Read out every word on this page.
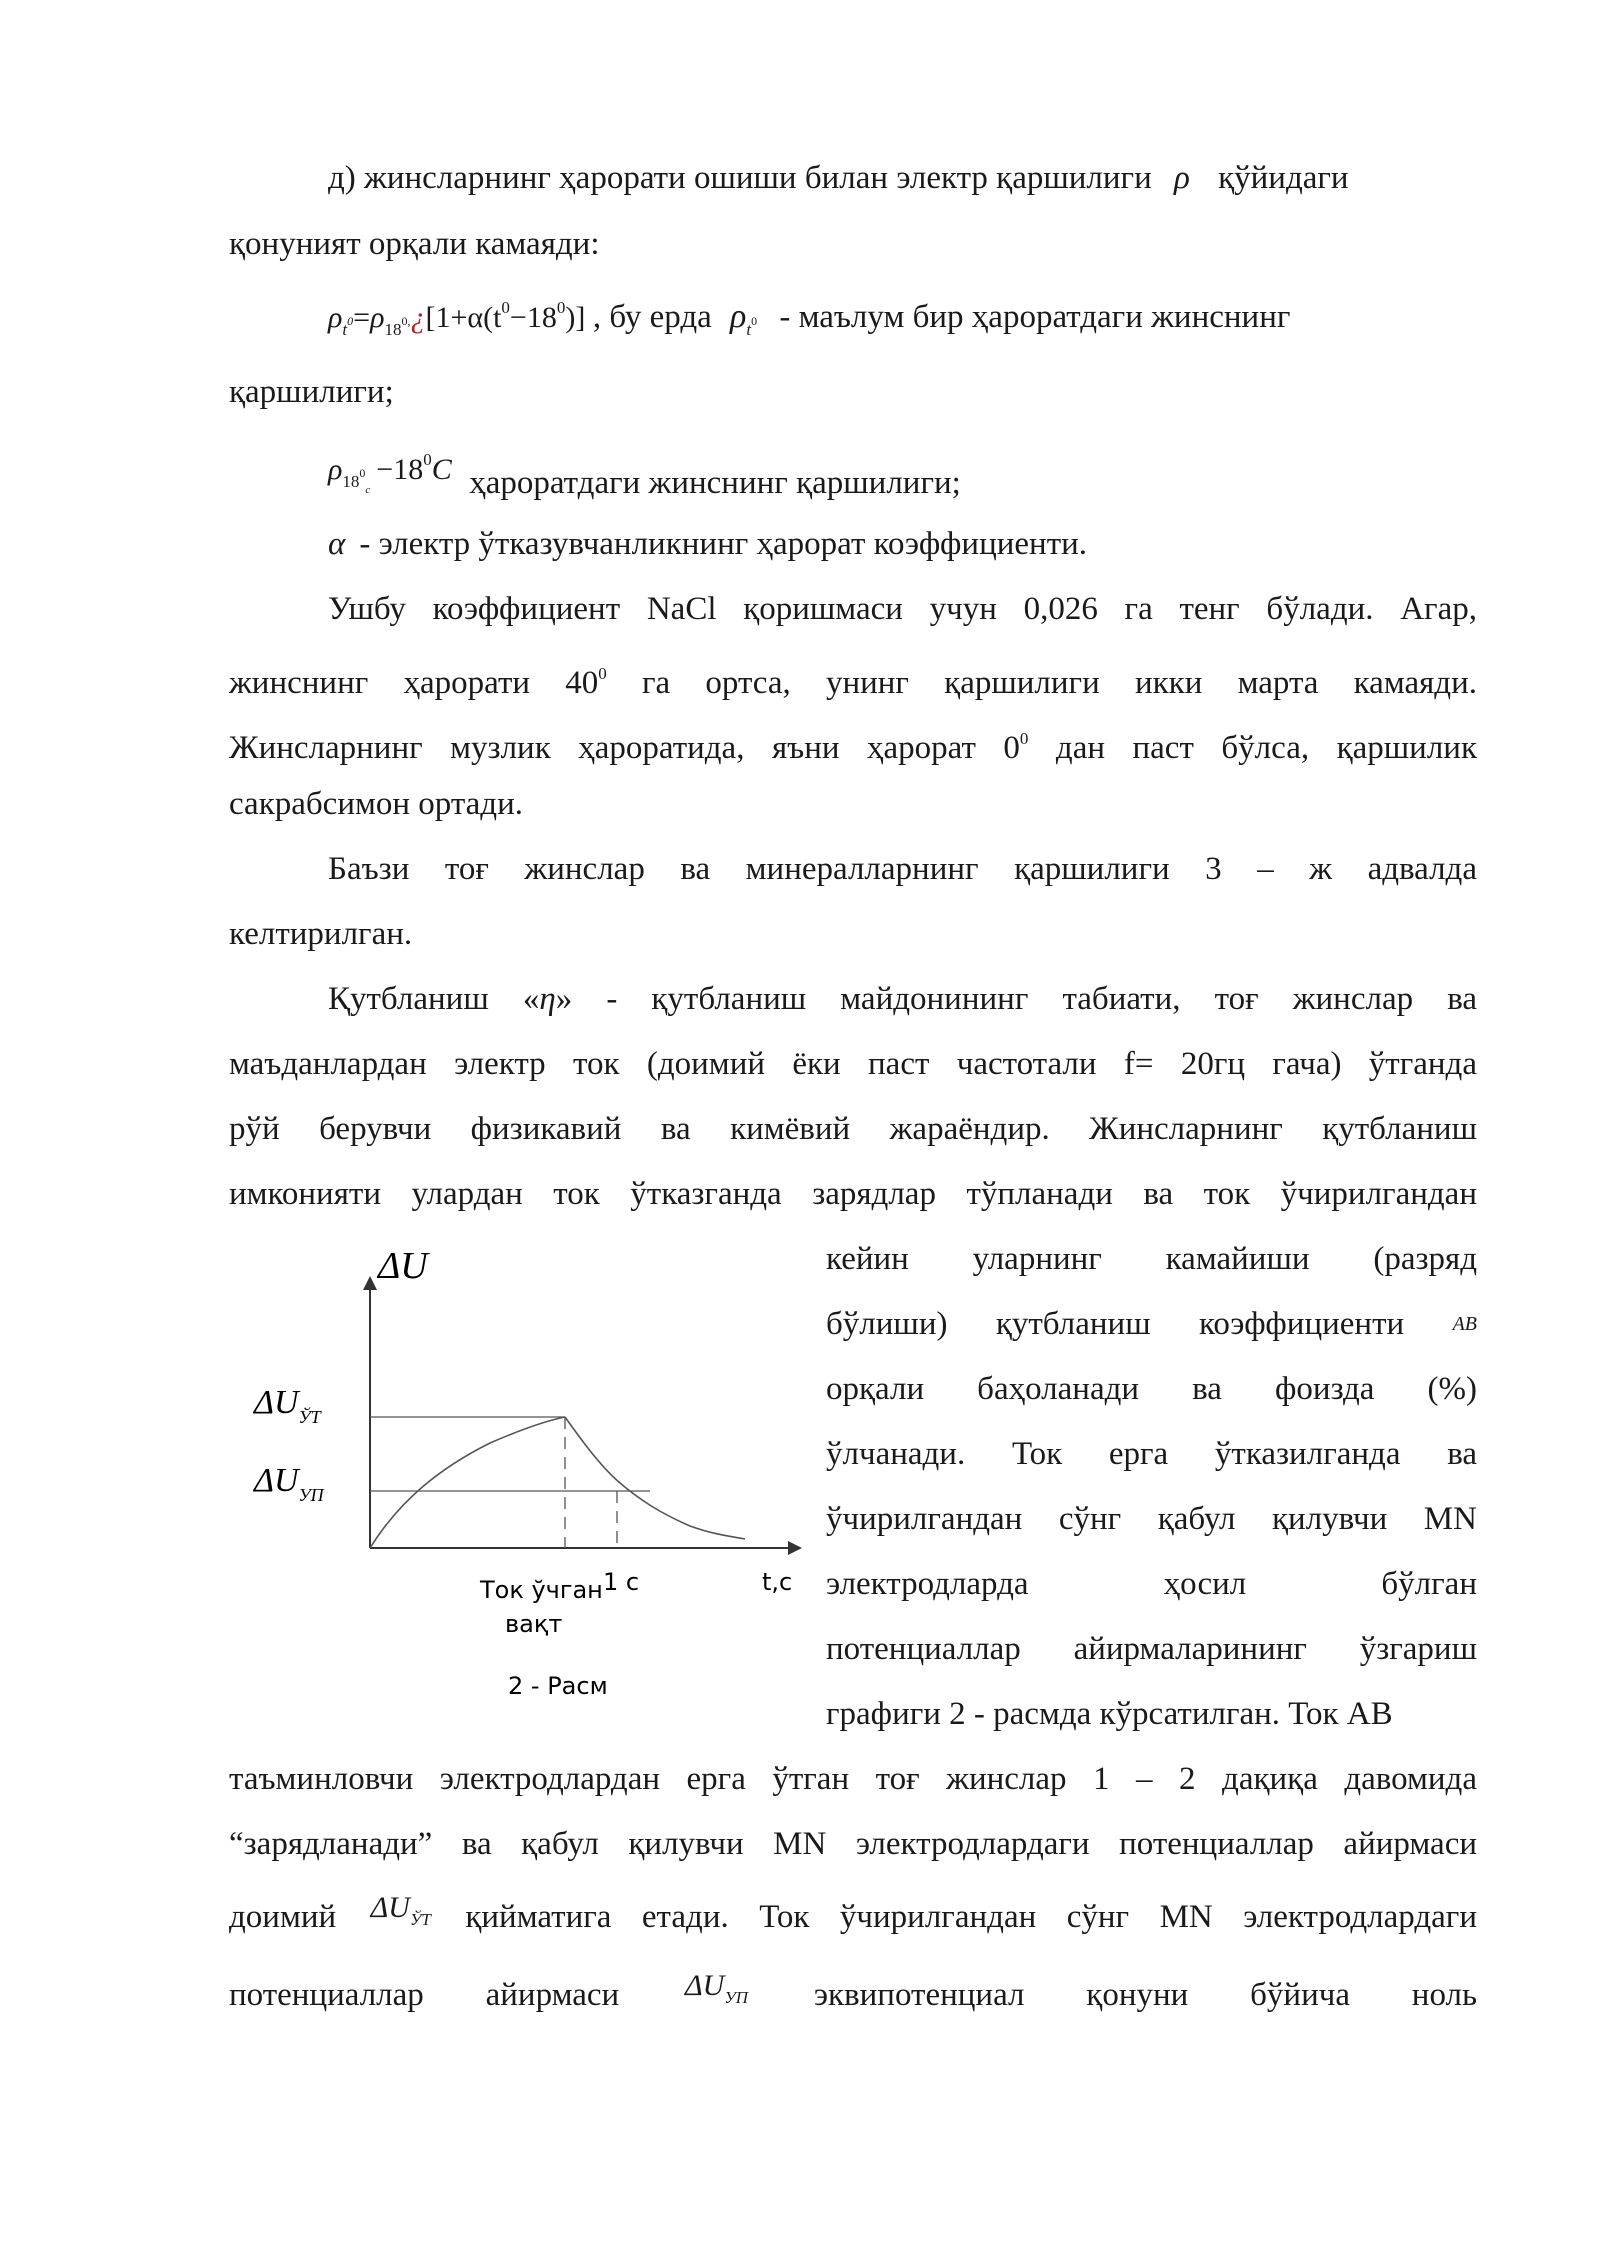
д) жинсларнинг ҳарорати ошиши билан электр қаршилиги ρ қўйидаги
қонуният орқали камаяди:
$\rho_t0=\rho_{18}0,¿[1+\alpha(t^0-18^0)]$ , бу ерда $\rho_t0$ - маълум бир ҳароратдаги жинснинг
қаршилиги;
$\rho_{18}0_c-18^0C$ ҳароратдаги жинснинг қаршилиги;
α - электр ўтказувчанликнинг ҳарорат коэффициенти.
Ушбу коэффициент NaCl қоришмаси учун 0,026 га тенг бўлади. Агар,
жинснинг ҳарорати $40^0$ га ортса, унинг қаршилиги икки марта камаяди.
Жинсларнинг музлик ҳароратида, яъни ҳарорат $0^0$ дан паст бўлса, қаршилик
сакрабсимон ортади.
Баъзи тоғ жинслар ва минералларнинг қаршилиги 3 – ж адвалда
келтирилган.
Қутбланиш «η» - қутбланиш майдонининг табиати, тоғ жинслар ва
маъданлардан электр ток (доимий ёки паст частотали f= 20гц гача) ўтганда
рўй берувчи физикавий ва кимёвий жараёндир. Жинсларнинг қутбланиш
имконияти улардан ток ўтказганда зарядлар тўпланади ва ток ўчирилгандан
кейин уларнинг камайиши (разряд
бўлиши) қутбланиш коэффициенти AB
орқали баҳоланади ва фоизда (%)
ўлчанади. Ток ерга ўтказилганда ва
ўчирилгандан сўнг қабул қилувчи MN
электродларда ҳосил бўлган
потенциаллар айирмаларининг ўзгариш
графиги 2 - расмда кўрсатилган. Ток АВ
ΔU
$\Delta U_{ЎТ}$
$\Delta U_{УП}$
Ток ўчган
вақт
1 с	t,c
2 - Расм
таъминловчи электродлардан ерга ўтган тоғ жинслар 1 – 2 дақиқа давомида
“зарядланади” ва қабул қилувчи MN электродлардаги потенциаллар айирмаси
доимий $\Delta U_{ЎТ}$ қийматига етади. Ток ўчирилгандан сўнг MN электродлардаги
потенциаллар айирмаси $\Delta U_{УП}$ эквипотенциал қонуни бўйича ноль
